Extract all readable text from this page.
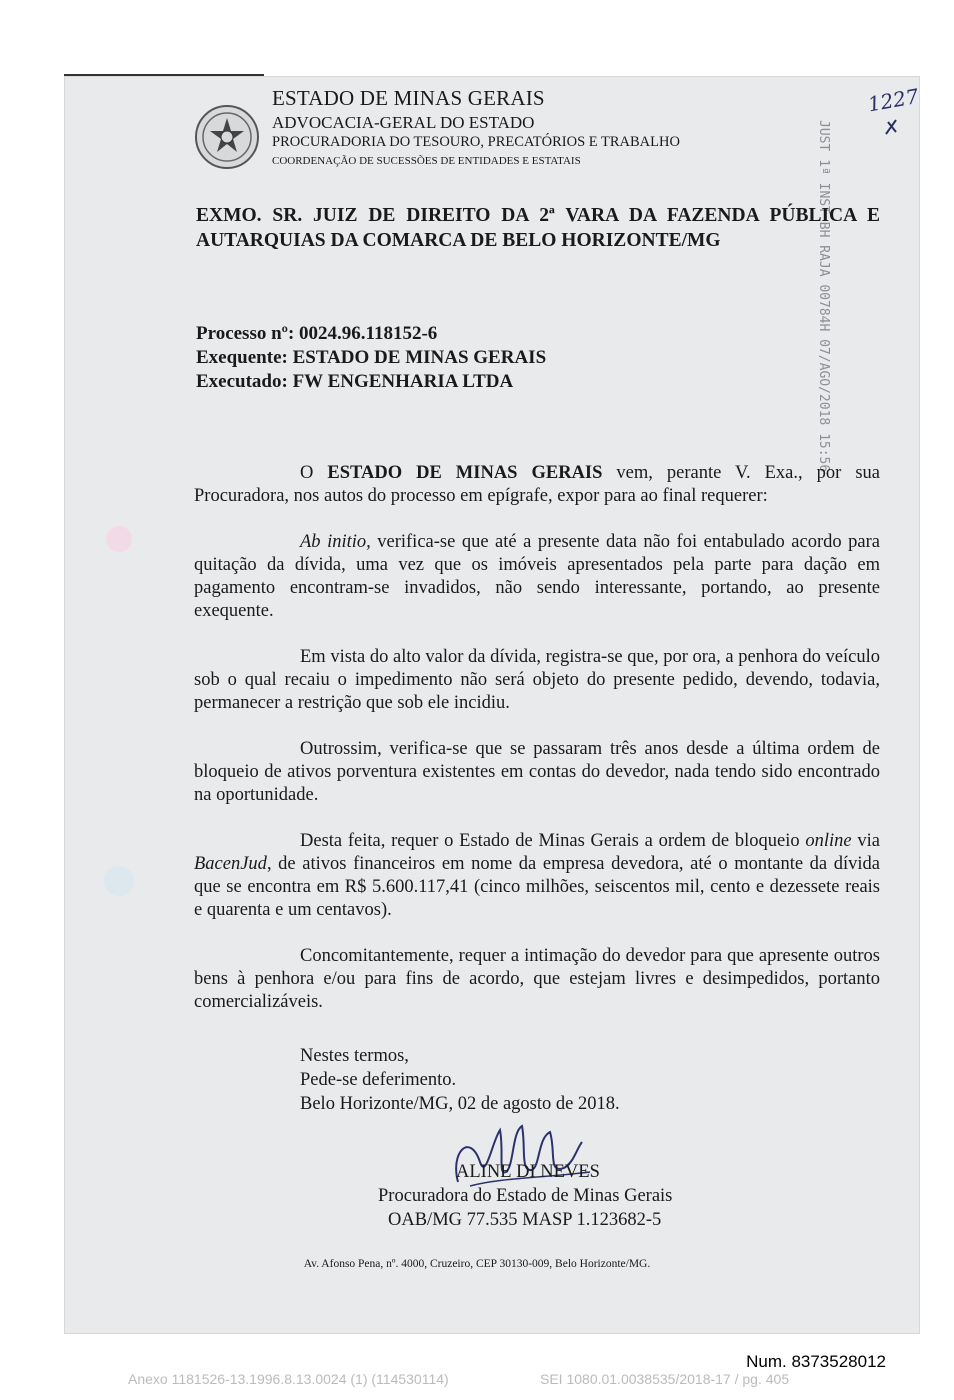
ESTADO DE MINAS GERAIS
ADVOCACIA-GERAL DO ESTADO
PROCURADORIA DO TESOURO, PRECATÓRIOS E TRABALHO
COORDENAÇÃO DE SUCESSÕES DE ENTIDADES E ESTATAIS
1227
JUST 1ª INST BH RAJA 00784H 07/AGO/2018 15:56
EXMO. SR. JUIZ DE DIREITO DA 2ª VARA DA FAZENDA PÚBLICA E
AUTARQUIAS DA COMARCA DE BELO HORIZONTE/MG
Processo nº: 0024.96.118152-6
Exequente: ESTADO DE MINAS GERAIS
Executado: FW ENGENHARIA LTDA

O ESTADO DE MINAS GERAIS vem, perante V. Exa., por sua Procuradora, nos autos do processo em epígrafe, expor para ao final requerer:

Ab initio, verifica-se que até a presente data não foi entabulado acordo para quitação da dívida, uma vez que os imóveis apresentados pela parte para dação em pagamento encontram-se invadidos, não sendo interessante, portando, ao presente exequente.

Em vista do alto valor da dívida, registra-se que, por ora, a penhora do veículo sob o qual recaiu o impedimento não será objeto do presente pedido, devendo, todavia, permanecer a restrição que sob ele incidiu.

Outrossim, verifica-se que se passaram três anos desde a última ordem de bloqueio de ativos porventura existentes em contas do devedor, nada tendo sido encontrado na oportunidade.

Desta feita, requer o Estado de Minas Gerais a ordem de bloqueio online via BacenJud, de ativos financeiros em nome da empresa devedora, até o montante da dívida que se encontra em R$ 5.600.117,41 (cinco milhões, seiscentos mil, cento e dezessete reais e quarenta e um centavos).

Concomitantemente, requer a intimação do devedor para que apresente outros bens à penhora e/ou para fins de acordo, que estejam livres e desimpedidos, portanto comercializáveis.

Nestes termos,
Pede-se deferimento.
Belo Horizonte/MG, 02 de agosto de 2018.
ALINE DI NEVES
Procuradora do Estado de Minas Gerais
OAB/MG 77.535 MASP 1.123682-5
Av. Afonso Pena, nº. 4000, Cruzeiro, CEP 30130-009, Belo Horizonte/MG.
Num. 8373528012
Anexo 1181526-13.1996.8.13.0024 (1) (114530114)	SEI 1080.01.0038535/2018-17 / pg. 405
